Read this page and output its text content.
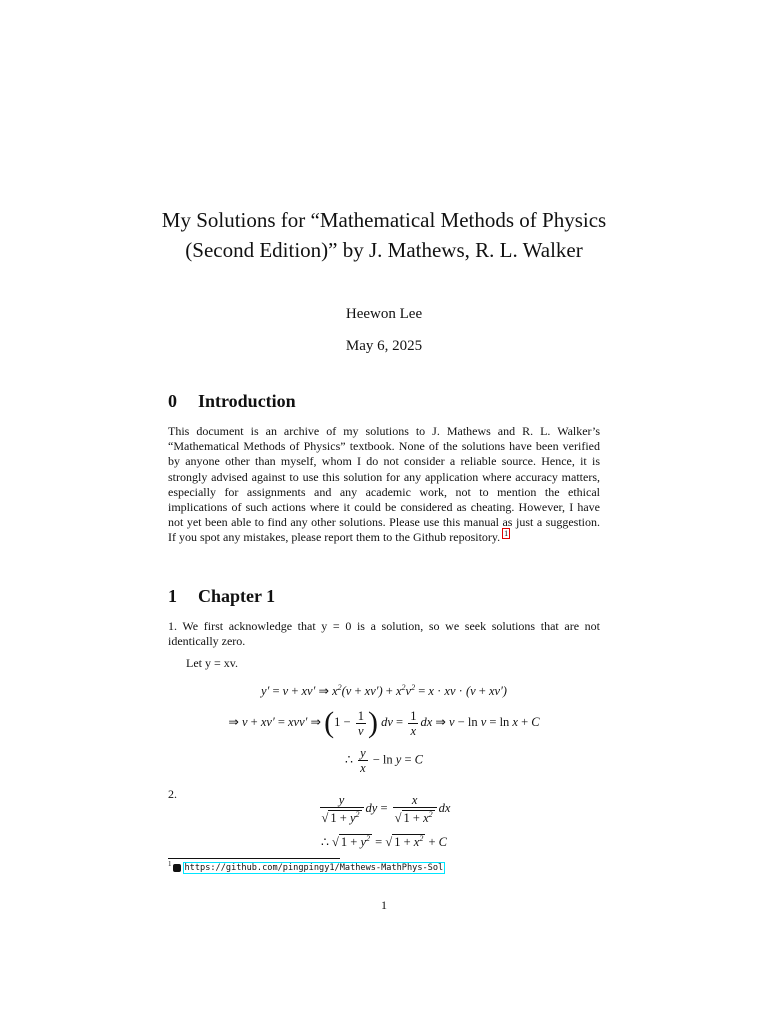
My Solutions for “Mathematical Methods of Physics (Second Edition)” by J. Mathews, R. L. Walker
Heewon Lee
May 6, 2025
0 Introduction
This document is an archive of my solutions to J. Mathews and R. L. Walker’s “Mathematical Methods of Physics” textbook. None of the solutions have been verified by anyone other than myself, whom I do not consider a reliable source. Hence, it is strongly advised against to use this solution for any application where accuracy matters, especially for assignments and any academic work, not to mention the ethical implications of such actions where it could be considered as cheating. However, I have not yet been able to find any other solutions. Please use this manual as just a suggestion. If you spot any mistakes, please report them to the Github repository. $^1$
1 Chapter 1
1. We first acknowledge that y = 0 is a solution, so we seek solutions that are not identically zero.
Let y = xv.
y′ = v + xv′ ⇒ $x^2(v + xv') + x^2v^2 = x$ · xv · (v + xv′)
⇒ v + xv′ = xvv′ ⇒ ($1 - \frac{1}{v}$ ) dv = $\frac{1}{x}$ dx ⇒ v − ln v = ln x + C
∴ $\frac{y}{x} - \ln y = C$
2.	$\frac{y}{√ 1 + y^2}$ dy = $\frac{x}{√ 1 + x^2}$ dx
∴ √ $1 + y^2$ = √ $1 + x^2 + C$
$^1$ https://github.com/pingpingy1/Mathews-MathPhys-Sol
1
